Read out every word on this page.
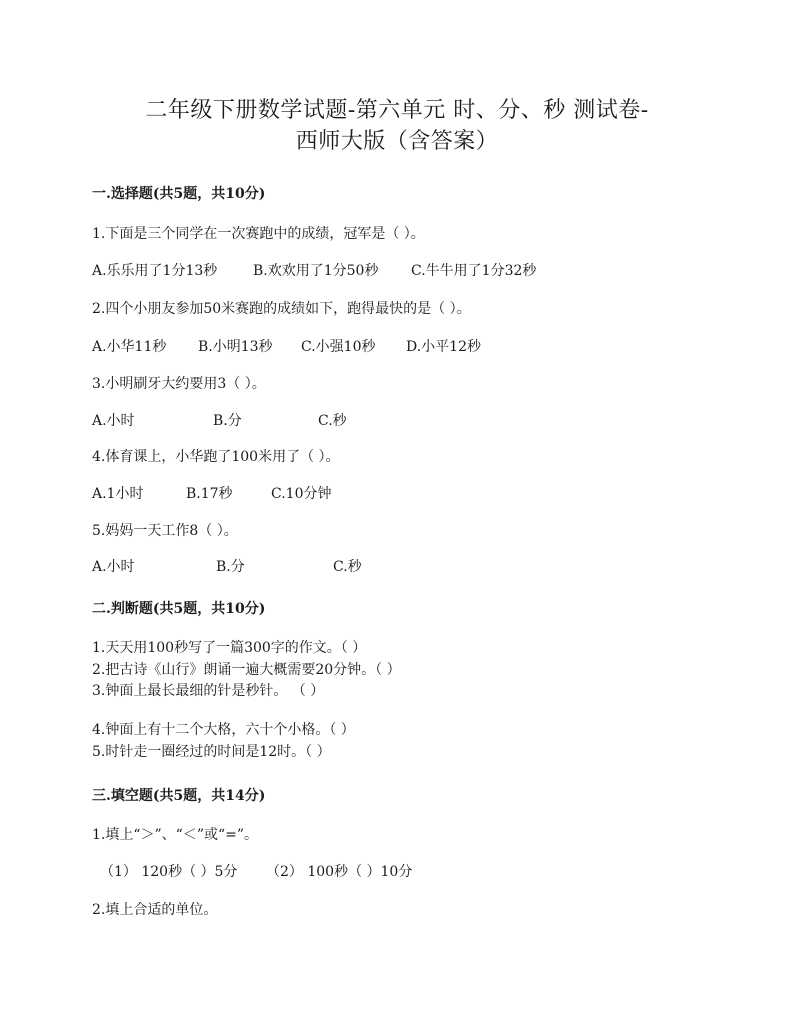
二年级下册数学试题-第六单元 时、分、秒 测试卷-
西师大版（含答案）
一.选择题(共5题，共10分)
1.下面是三个同学在一次赛跑中的成绩，冠军是（ ）。
A.乐乐用了1分13秒	B.欢欢用了1分50秒 C.牛牛用了1分32秒
2.四个小朋友参加50米赛跑的成绩如下，跑得最快的是（ ）。
A.小华11秒 B.小明13秒 C.小强10秒 D.小平12秒
3.小明刷牙大约要用3（ ）。
A.小时	B.分	C.秒
4.体育课上，小华跑了100米用了（ ）。
A.1小时	B.17秒	C.10分钟
5.妈妈一天工作8（ ）。
A.小时	B.分	C.秒
二.判断题(共5题，共10分)
1.天天用100秒写了一篇300字的作文。（ ）
2.把古诗《山行》朗诵一遍大概需要20分钟。（ ）
3.钟面上最长最细的针是秒针。 （ ）
4.钟面上有十二个大格，六十个小格。（ ）
5.时针走一圈经过的时间是12时。（ ）
三.填空题(共5题，共14分)
1.填上“＞”、“＜”或“=”。
（1） 120秒（ ）5分 （2） 100秒（ ）10分
2.填上合适的单位。
